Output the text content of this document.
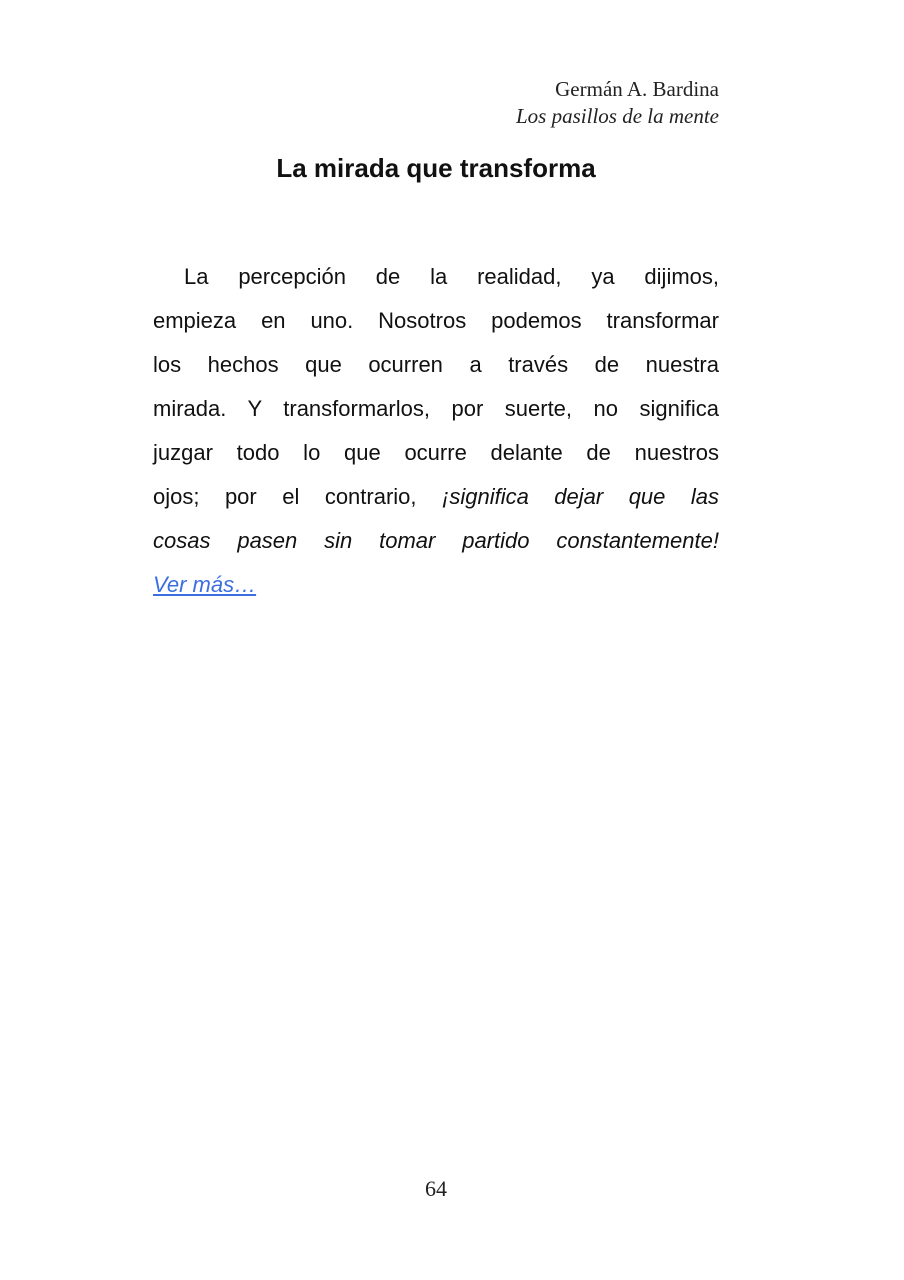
Germán A. Bardina
Los pasillos de la mente
La mirada que transforma
La percepción de la realidad, ya dijimos,
empieza en uno. Nosotros podemos transformar
los hechos que ocurren a través de nuestra
mirada. Y transformarlos, por suerte, no significa
juzgar todo lo que ocurre delante de nuestros
ojos; por el contrario, ¡significa dejar que las
cosas pasen sin tomar partido constantemente!
Ver más…
64
